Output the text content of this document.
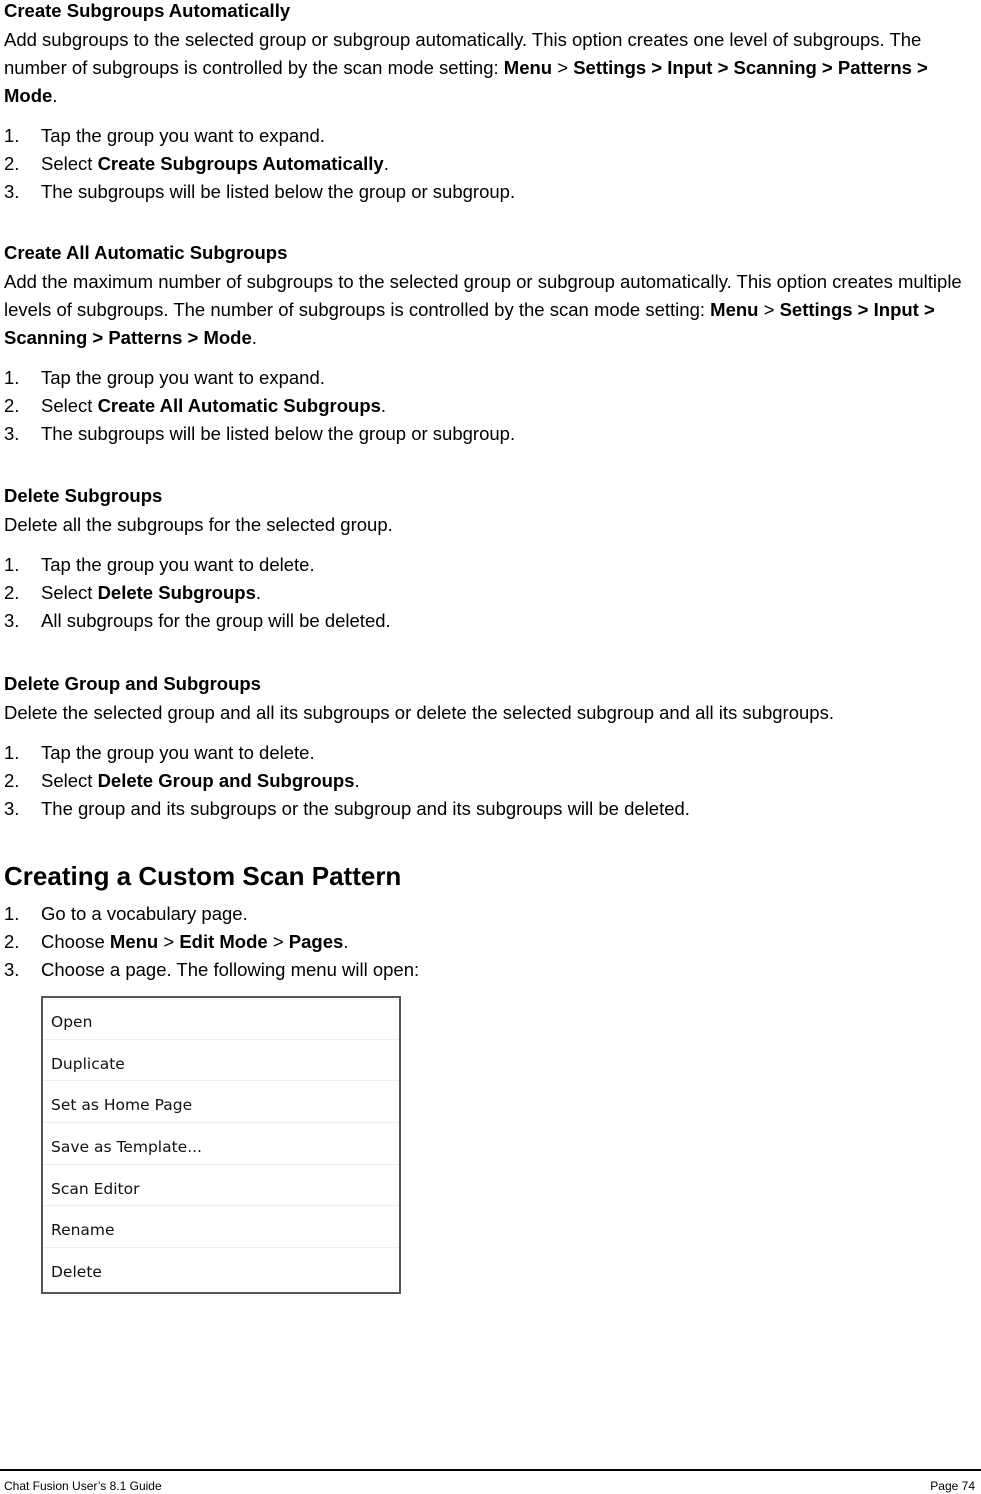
Create Subgroups Automatically

Add subgroups to the selected group or subgroup automatically. This option creates one level of subgroups. The number of subgroups is controlled by the scan mode setting: Menu > Settings > Input > Scanning > Patterns > Mode.

1.	Tap the group you want to expand.
2.	Select Create Subgroups Automatically.
3.	The subgroups will be listed below the group or subgroup.
Create All Automatic Subgroups

Add the maximum number of subgroups to the selected group or subgroup automatically. This option creates multiple levels of subgroups. The number of subgroups is controlled by the scan mode setting: Menu > Settings > Input > Scanning > Patterns > Mode.

1.	Tap the group you want to expand.
2.	Select Create All Automatic Subgroups.
3.	The subgroups will be listed below the group or subgroup.
Delete Subgroups

Delete all the subgroups for the selected group.

1.	Tap the group you want to delete.
2.	Select Delete Subgroups.
3.	All subgroups for the group will be deleted.
Delete Group and Subgroups

Delete the selected group and all its subgroups or delete the selected subgroup and all its subgroups.

1.	Tap the group you want to delete.
2.	Select Delete Group and Subgroups.
3.	The group and its subgroups or the subgroup and its subgroups will be deleted.
Creating a Custom Scan Pattern
1.	Go to a vocabulary page.
2.	Choose Menu > Edit Mode > Pages.
3.	Choose a page. The following menu will open:
Open
Duplicate
Set as Home Page
Save as Template...
Scan Editor
Rename
Delete
Chat Fusion User’s 8.1 Guide	Page 74
